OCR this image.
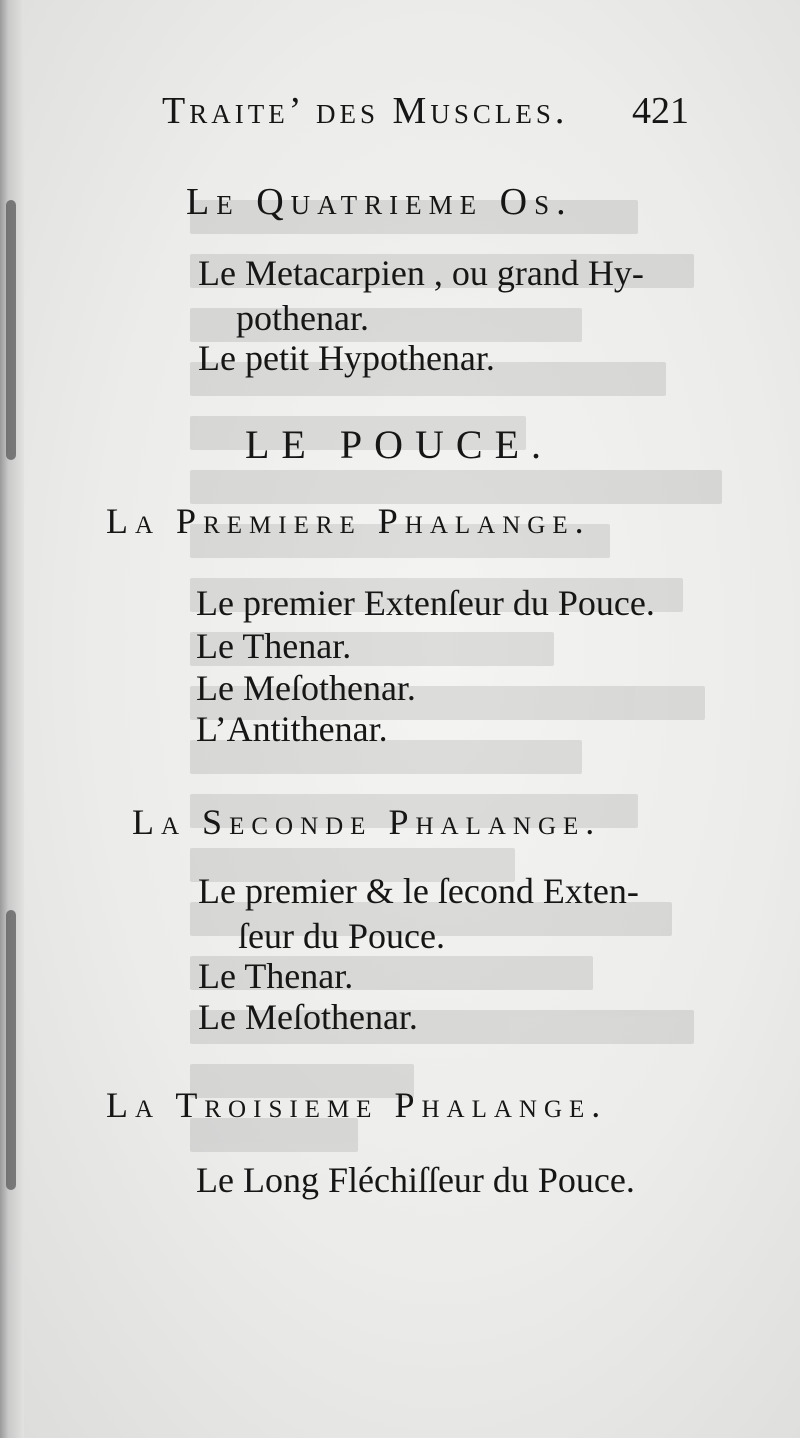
Traite’ des Muscles. 421
Le Quatrieme Os.
Le Metacarpien , ou grand Hy-
pothenar.
Le petit Hypothenar.
LE POUCE.
La Premiere Phalange.
Le premier Extenſeur du Pouce.
Le Thenar.
Le Meſothenar.
L’Antithenar.
La Seconde Phalange.
Le premier & le ſecond Exten-
ſeur du Pouce.
Le Thenar.
Le Meſothenar.
La Troisieme Phalange.
Le Long Fléchiſſeur du Pouce.
